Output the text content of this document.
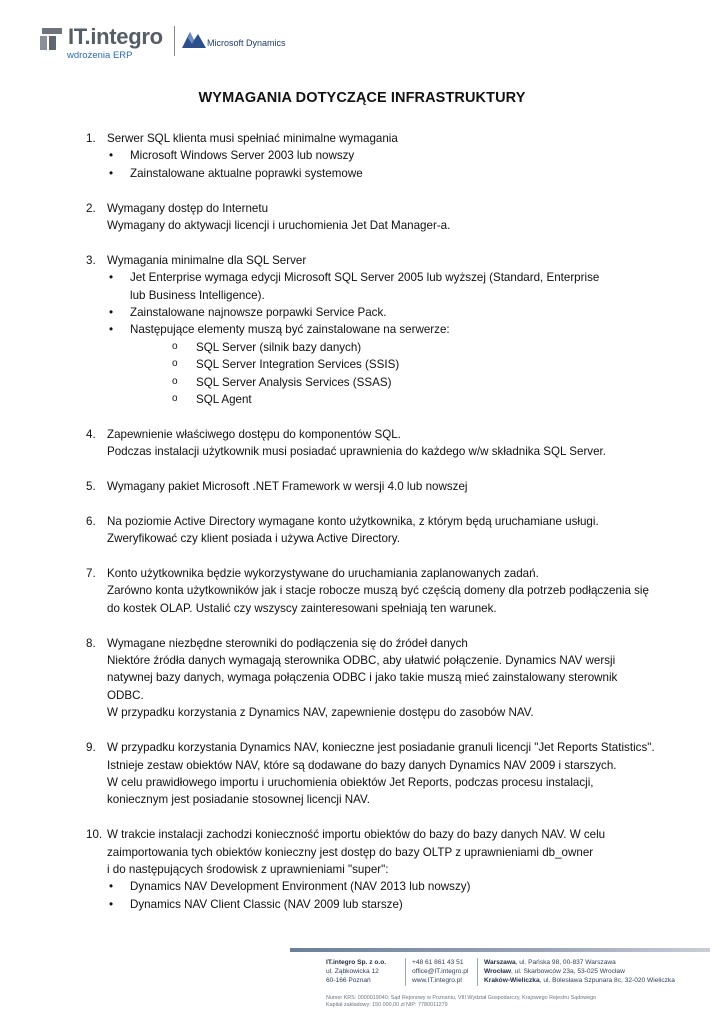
IT.integro
wdrożenia ERP
Microsoft Dynamics
WYMAGANIA DOTYCZĄCE INFRASTRUKTURY
1. Serwer SQL klienta musi spełniać minimalne wymagania
• Microsoft Windows Server 2003 lub nowszy
• Zainstalowane aktualne poprawki systemowe
2. Wymagany dostęp do Internetu
Wymagany do aktywacji licencji i uruchomienia Jet Dat Manager-a.
3. Wymagania minimalne dla SQL Server
• Jet Enterprise wymaga edycji Microsoft SQL Server 2005 lub wyższej (Standard, Enterprise
lub Business Intelligence).
• Zainstalowane najnowsze porpawki Service Pack.
• Następujące elementy muszą być zainstalowane na serwerze:
o SQL Server (silnik bazy danych)
o SQL Server Integration Services (SSIS)
o SQL Server Analysis Services (SSAS)
o SQL Agent
4. Zapewnienie właściwego dostępu do komponentów SQL.
Podczas instalacji użytkownik musi posiadać uprawnienia do każdego w/w składnika SQL Server.
5. Wymagany pakiet Microsoft .NET Framework w wersji 4.0 lub nowszej
6. Na poziomie Active Directory wymagane konto użytkownika, z którym będą uruchamiane usługi.
Zweryfikować czy klient posiada i używa Active Directory.
7. Konto użytkownika będzie wykorzystywane do uruchamiania zaplanowanych zadań.
Zarówno konta użytkowników jak i stacje robocze muszą być częścią domeny dla potrzeb podłączenia się
do kostek OLAP. Ustalić czy wszyscy zainteresowani spełniają ten warunek.
8. Wymagane niezbędne sterowniki do podłączenia się do źródeł danych
Niektóre źródła danych wymagają sterownika ODBC, aby ułatwić połączenie. Dynamics NAV wersji
natywnej bazy danych, wymaga połączenia ODBC i jako takie muszą mieć zainstalowany sterownik
ODBC.
W przypadku korzystania z Dynamics NAV, zapewnienie dostępu do zasobów NAV.
9. W przypadku korzystania Dynamics NAV, konieczne jest posiadanie granuli licencji "Jet Reports Statistics".
Istnieje zestaw obiektów NAV, które są dodawane do bazy danych Dynamics NAV 2009 i starszych.
W celu prawidłowego importu i uruchomienia obiektów Jet Reports, podczas procesu instalacji,
koniecznym jest posiadanie stosownej licencji NAV.
10. W trakcie instalacji zachodzi konieczność importu obiektów do bazy do bazy danych NAV. W celu
zaimportowania tych obiektów konieczny jest dostęp do bazy OLTP z uprawnieniami db_owner
i do następujących środowisk z uprawnieniami "super":
• Dynamics NAV Development Environment (NAV 2013 lub nowszy)
• Dynamics NAV Client Classic (NAV 2009 lub starsze)
IT.integro Sp. z o.o.
ul. Ząbkowicka 12
60-166 Poznań
+48 61 861 43 51
office@IT.integro.pl
www.IT.integro.pl
Warszawa, ul. Pańska 98, 00-837 Warszawa
Wrocław, ul. Skarbowców 23a, 53-025 Wrocław
Kraków-Wieliczka, ul. Bolesława Szpunara 8c, 32-020 Wieliczka
Numer KRS: 0000019040; Sąd Rejonowy w Poznaniu, VIII Wydział Gospodarczy, Krajowego Rejestru Sądowego
Kapitał zakładowy: 150 000,00 zł NIP: 7780011279
